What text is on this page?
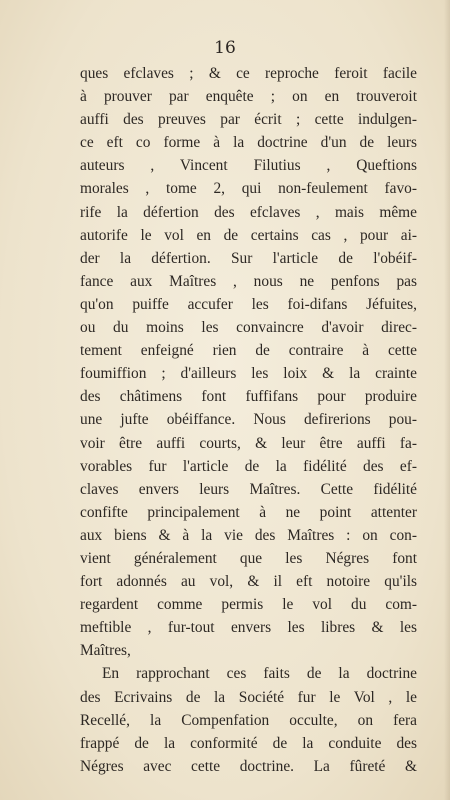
16
ques efclaves ; & ce reproche feroit facile
à prouver par enquête ; on en trouveroit
auffi des preuves par écrit ; cette indulgen-
ce eft co forme à la doctrine d'un de leurs
auteurs , Vincent Filutius , Queftions
morales , tome 2, qui non-feulement favo-
rife la défertion des efclaves , mais même
autorife le vol en de certains cas , pour ai-
der la défertion. Sur l'article de l'obéif-
fance aux Maîtres , nous ne penfons pas
qu'on puiffe accufer les foi-difans Jéfuites,
ou du moins les convaincre d'avoir direc-
tement enfeigné rien de contraire à cette
foumiffion ; d'ailleurs les loix & la crainte
des châtimens font fuffifans pour produire
une jufte obéiffance. Nous defirerions pou-
voir être auffi courts, & leur être auffi fa-
vorables fur l'article de la fidélité des ef-
claves envers leurs Maîtres. Cette fidélité
confifte principalement à ne point attenter
aux biens & à la vie des Maîtres : on con-
vient généralement que les Négres font
fort adonnés au vol, & il eft notoire qu'ils
regardent comme permis le vol du com-
meftible , fur-tout envers les libres & les
Maîtres,
En rapprochant ces faits de la doctrine
des Ecrivains de la Société fur le Vol , le
Recellé, la Compenfation occulte, on fera
frappé de la conformité de la conduite des
Négres avec cette doctrine. La fûreté &
